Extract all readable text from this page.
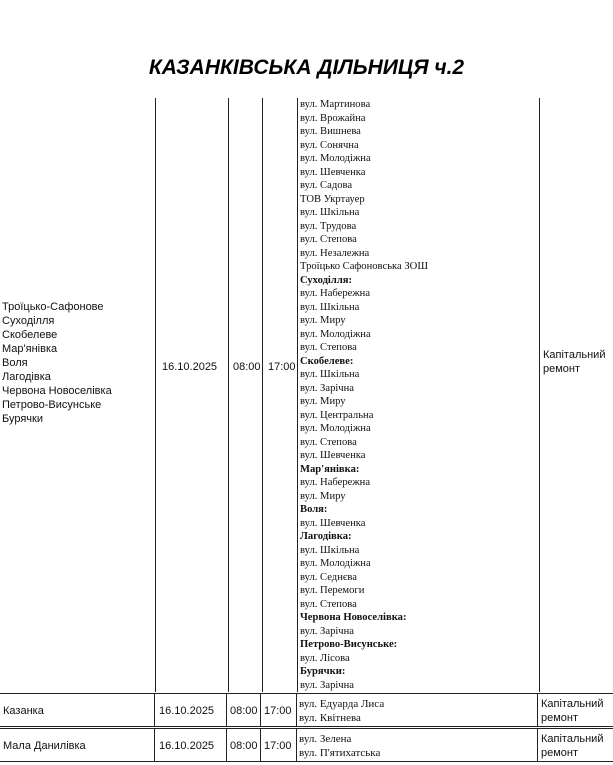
КАЗАНКІВСЬКА ДІЛЬНИЦЯ ч.2
Троїцько-Сафонове
Суходілля
Скобелеве
Мар'янівка
Воля
Лагодівка
Червона Новоселівка
Петрово-Висунське
Бурячки
16.10.2025 08:00 17:00
вул. Мартинова
вул. Врожайна
вул. Вишнева
вул. Сонячна
вул. Молодіжна
вул. Шевченка
вул. Садова
ТОВ Укртауер
вул. Шкільна
вул. Трудова
вул. Степова
вул. Незалежна
Троїцько Сафоновська ЗОШ
Суходілля:
вул. Набережна
вул. Шкільна
вул. Миру
вул. Молодіжна
вул. Степова
Скобелеве:
вул. Шкільна
вул. Зарічна
вул. Миру
вул. Центральна
вул. Молодіжна
вул. Степова
вул. Шевченка
Мар'янівка:
вул. Набережна
вул. Миру
Воля:
вул. Шевченка
Лагодівка:
вул. Шкільна
вул. Молодіжна
вул. Седнєва
вул. Перемоги
вул. Степова
Червона Новоселівка:
вул. Зарічна
Петрово-Висунське:
вул. Лісова
Бурячки:
вул. Зарічна
Капітальний ремонт
Казанка	16.10.2025 08:00 17:00
вул. Едуарда Лиса
вул. Квітнева
Капітальний
ремонт
Мала Данилівка	16.10.2025 08:00 17:00
вул. Зелена
вул. П'ятихатська
Капітальний
ремонт
